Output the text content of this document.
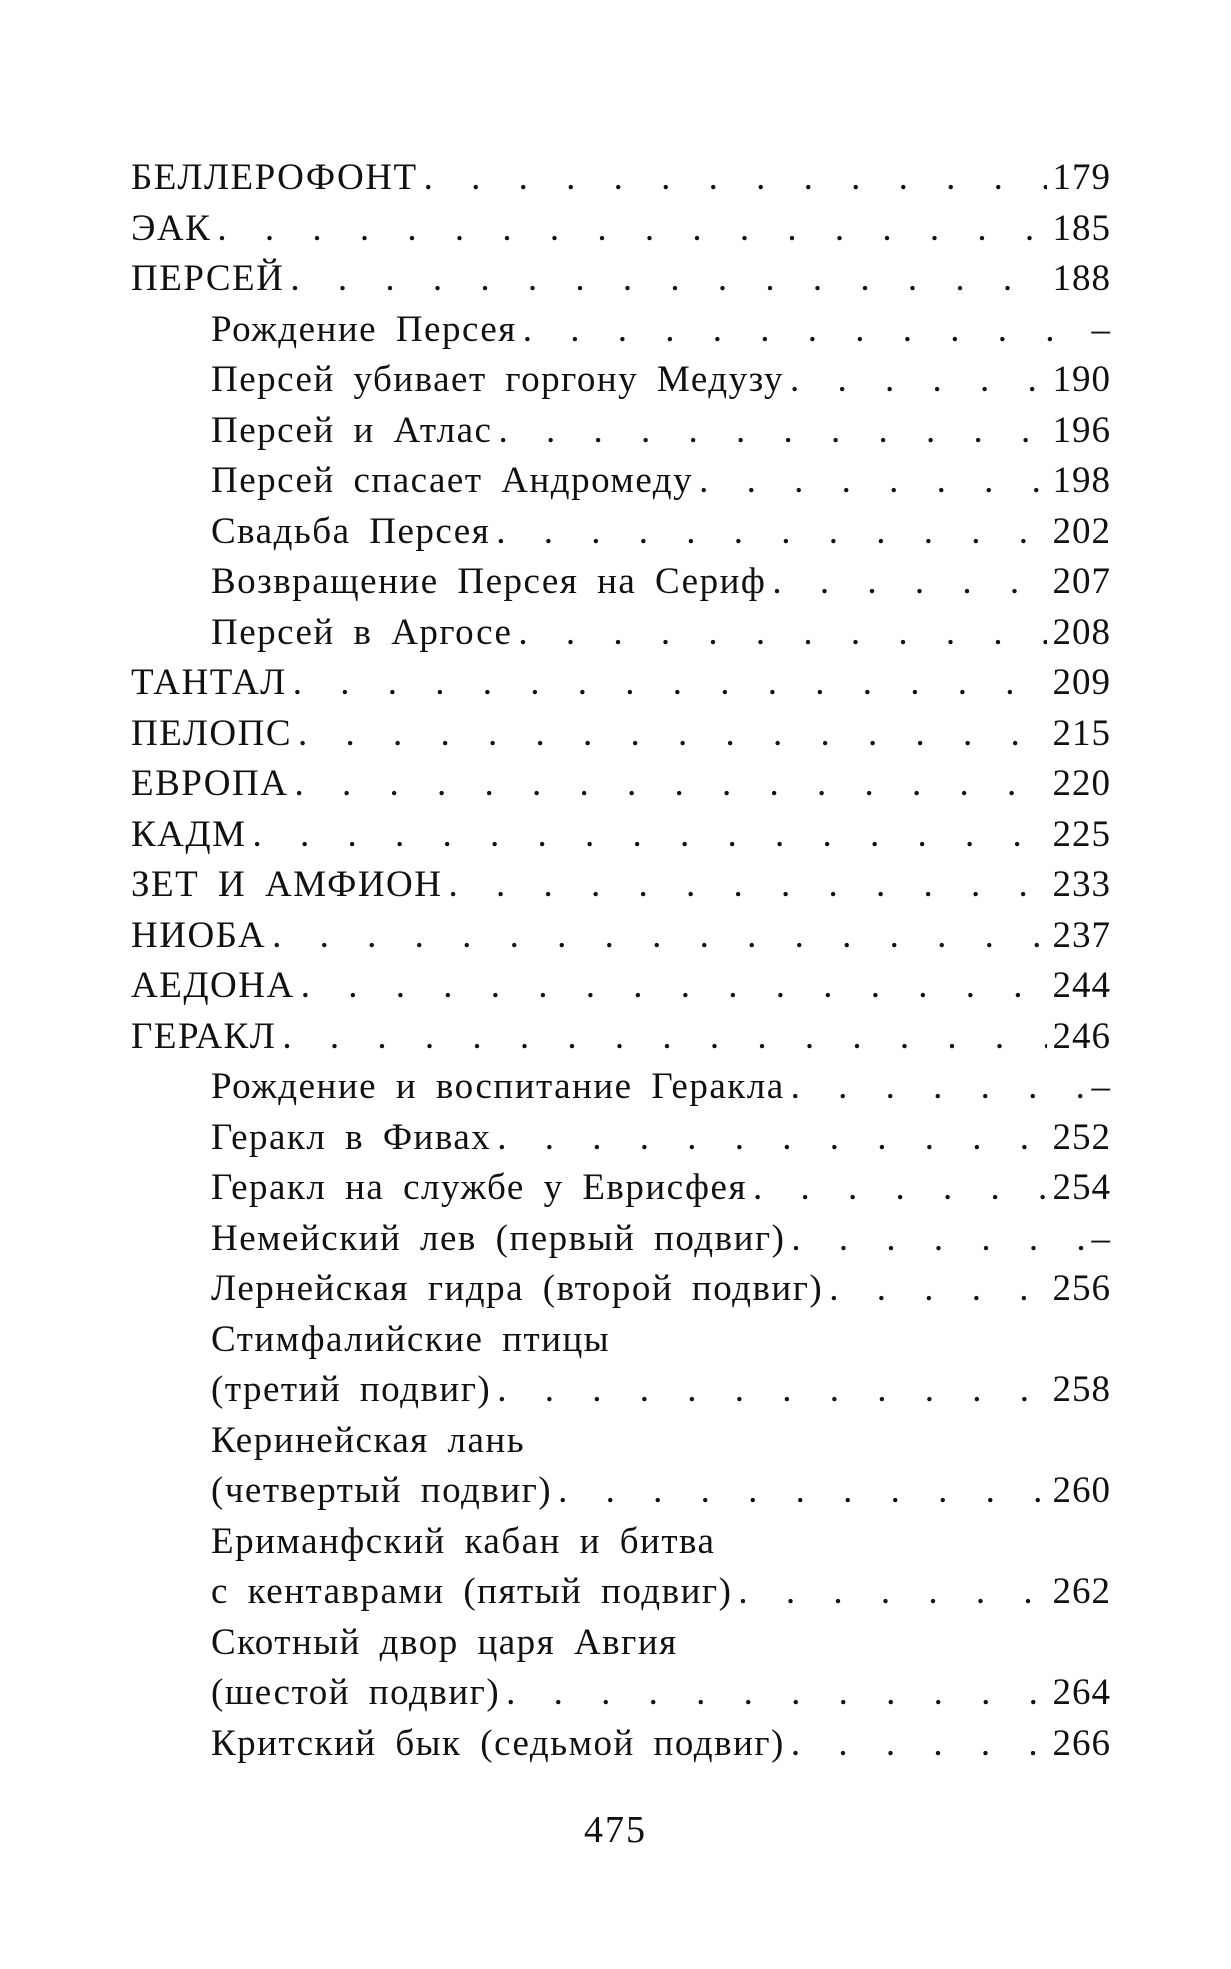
БЕЛЛЕРОФОНТ . . .	179
ЭАК . . .	185
ПЕРСЕЙ . . .	188
Рождение Персея . . .	–
Персей убивает горгону Медузу . . .	190
Персей и Атлас . . .	196
Персей спасает Андромеду . . .	198
Свадьба Персея . . .	202
Возвращение Персея на Сериф . . .	207
Персей в Аргосе . . .	208
ТАНТАЛ . . .	209
ПЕЛОПС . . .	215
ЕВРОПА . . .	220
КАДМ . . .	225
ЗЕТ И АМФИОН . . .	233
НИОБА . . .	237
АЕДОНА . . .	244
ГЕРАКЛ . . .	246
Рождение и воспитание Геракла . . .	–
Геракл в Фивах . . .	252
Геракл на службе у Еврисфея . . .	254
Немейский лев (первый подвиг) . . .	–
Лернейская гидра (второй подвиг) . . .	256
Стимфалийские птицы
(третий подвиг) . . .	258
Керинейская лань
(четвертый подвиг) . . .	260
Ериманфский кабан и битва
с кентаврами (пятый подвиг) . . .	262
Скотный двор царя Авгия
(шестой подвиг) . . .	264
Критский бык (седьмой подвиг) . . .	266
475
